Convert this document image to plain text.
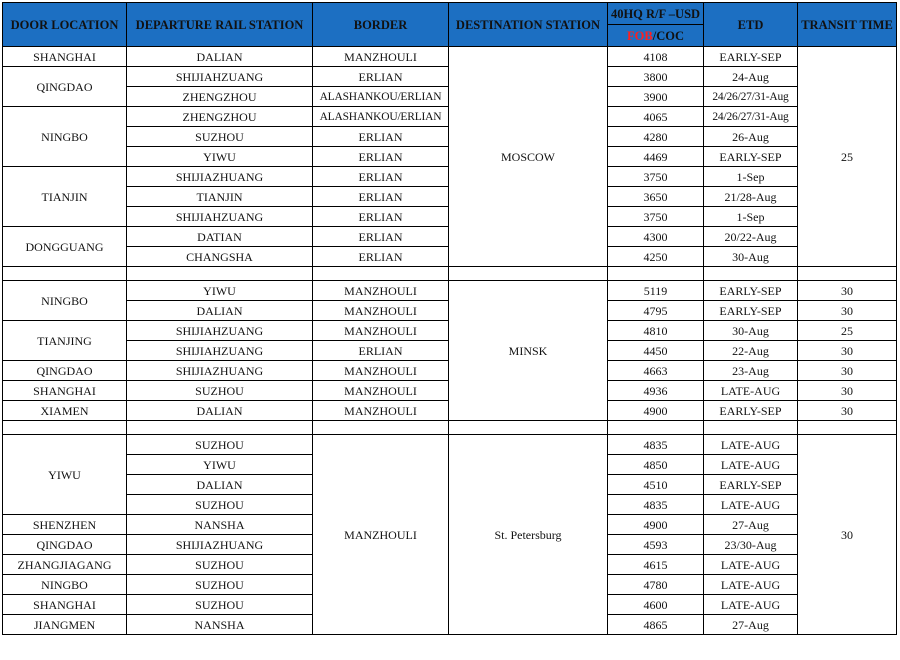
DOOR LOCATION	DEPARTURE RAIL STATION	BORDER	DESTINATION STATION	40HQ R/F –USD	ETD	TRANSIT TIME
				FOB/COC		
SHANGHAI	DALIAN	MANZHOULI	MOSCOW	4108	EARLY-SEP	25
QINGDAO	SHIJIAHZUANG	ERLIAN		3800	24-Aug	
	ZHENGZHOU	ALASHANKOU/ERLIAN		3900	24/26/27/31-Aug	
NINGBO	ZHENGZHOU	ALASHANKOU/ERLIAN		4065	24/26/27/31-Aug	
	SUZHOU	ERLIAN		4280	26-Aug	
	YIWU	ERLIAN		4469	EARLY-SEP	
TIANJIN	SHIJIAZHUANG	ERLIAN		3750	1-Sep	
	TIANJIN	ERLIAN		3650	21/28-Aug	
	SHIJIAHZUANG	ERLIAN		3750	1-Sep	
DONGGUANG	DATIAN	ERLIAN		4300	20/22-Aug	
	CHANGSHA	ERLIAN		4250	30-Aug	

NINGBO	YIWU	MANZHOULI	MINSK	5119	EARLY-SEP	30
	DALIAN	MANZHOULI		4795	EARLY-SEP	30
TIANJING	SHIJIAHZUANG	MANZHOULI		4810	30-Aug	25
	SHIJIAHZUANG	ERLIAN		4450	22-Aug	30
QINGDAO	SHIJIAZHUANG	MANZHOULI		4663	23-Aug	30
SHANGHAI	SUZHOU	MANZHOULI		4936	LATE-AUG	30
XIAMEN	DALIAN	MANZHOULI		4900	EARLY-SEP	30

YIWU	SUZHOU	MANZHOULI	St. Petersburg	4835	LATE-AUG	30
	YIWU			4850	LATE-AUG	
	DALIAN			4510	EARLY-SEP	
	SUZHOU			4835	LATE-AUG	
SHENZHEN	NANSHA			4900	27-Aug	
QINGDAO	SHIJIAZHUANG			4593	23/30-Aug	
ZHANGJIAGANG	SUZHOU			4615	LATE-AUG	
NINGBO	SUZHOU			4780	LATE-AUG	
SHANGHAI	SUZHOU			4600	LATE-AUG	
JIANGMEN	NANSHA			4865	27-Aug	
